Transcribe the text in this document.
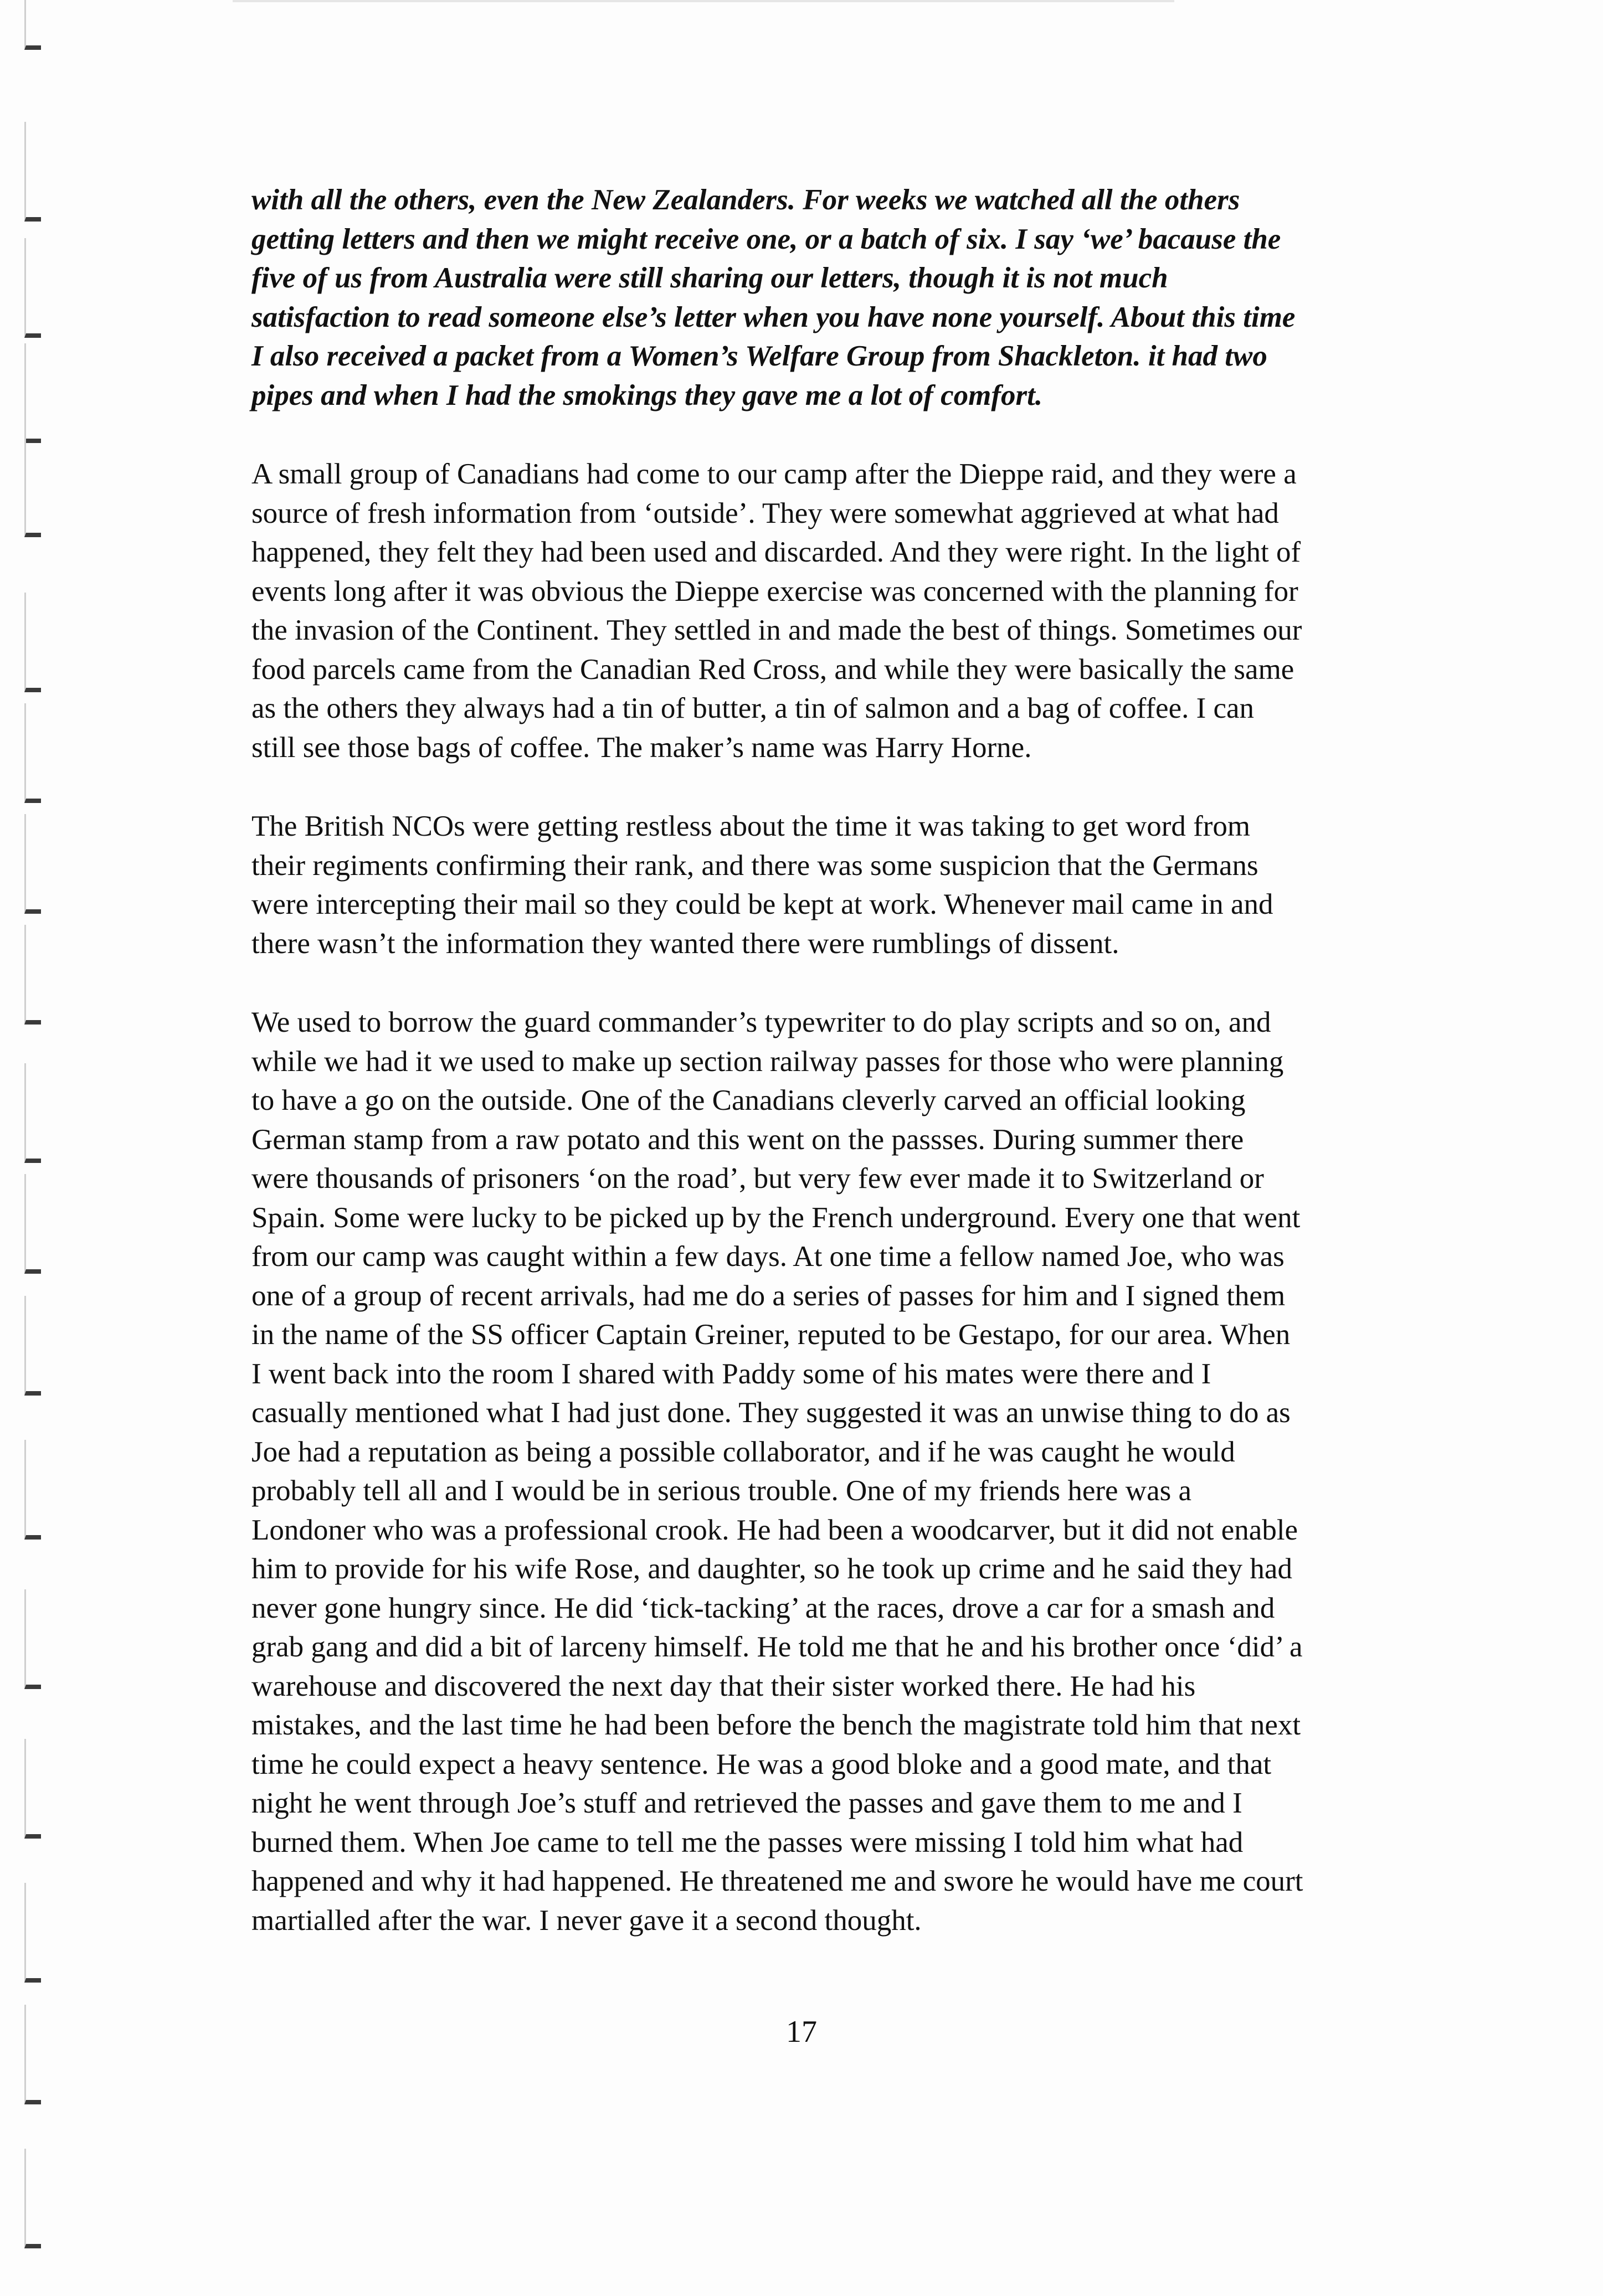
with all the others, even the New Zealanders. For weeks we watched all the others
getting letters and then we might receive one, or a batch of six. I say ‘we’ bacause the
five of us from Australia were still sharing our letters, though it is not much
satisfaction to read someone else’s letter when you have none yourself. About this time
I also received a packet from a Women’s Welfare Group from Shackleton. it had two
pipes and when I had the smokings they gave me a lot of comfort.

A small group of Canadians had come to our camp after the Dieppe raid, and they were a
source of fresh information from ‘outside’. They were somewhat aggrieved at what had
happened, they felt they had been used and discarded. And they were right. In the light of
events long after it was obvious the Dieppe exercise was concerned with the planning for
the invasion of the Continent. They settled in and made the best of things. Sometimes our
food parcels came from the Canadian Red Cross, and while they were basically the same
as the others they always had a tin of butter, a tin of salmon and a bag of coffee. I can
still see those bags of coffee. The maker’s name was Harry Horne.

The British NCOs were getting restless about the time it was taking to get word from
their regiments confirming their rank, and there was some suspicion that the Germans
were intercepting their mail so they could be kept at work. Whenever mail came in and
there wasn’t the information they wanted there were rumblings of dissent.

We used to borrow the guard commander’s typewriter to do play scripts and so on, and
while we had it we used to make up section railway passes for those who were planning
to have a go on the outside. One of the Canadians cleverly carved an official looking
German stamp from a raw potato and this went on the passses. During summer there
were thousands of prisoners ‘on the road’, but very few ever made it to Switzerland or
Spain. Some were lucky to be picked up by the French underground. Every one that went
from our camp was caught within a few days. At one time a fellow named Joe, who was
one of a group of recent arrivals, had me do a series of passes for him and I signed them
in the name of the SS officer Captain Greiner, reputed to be Gestapo, for our area. When
I went back into the room I shared with Paddy some of his mates were there and I
casually mentioned what I had just done. They suggested it was an unwise thing to do as
Joe had a reputation as being a possible collaborator, and if he was caught he would
probably tell all and I would be in serious trouble. One of my friends here was a
Londoner who was a professional crook. He had been a woodcarver, but it did not enable
him to provide for his wife Rose, and daughter, so he took up crime and he said they had
never gone hungry since. He did ‘tick-tacking’ at the races, drove a car for a smash and
grab gang and did a bit of larceny himself. He told me that he and his brother once ‘did’ a
warehouse and discovered the next day that their sister worked there. He had his
mistakes, and the last time he had been before the bench the magistrate told him that next
time he could expect a heavy sentence. He was a good bloke and a good mate, and that
night he went through Joe’s stuff and retrieved the passes and gave them to me and I
burned them. When Joe came to tell me the passes were missing I told him what had
happened and why it had happened. He threatened me and swore he would have me court
martialled after the war. I never gave it a second thought.

17
